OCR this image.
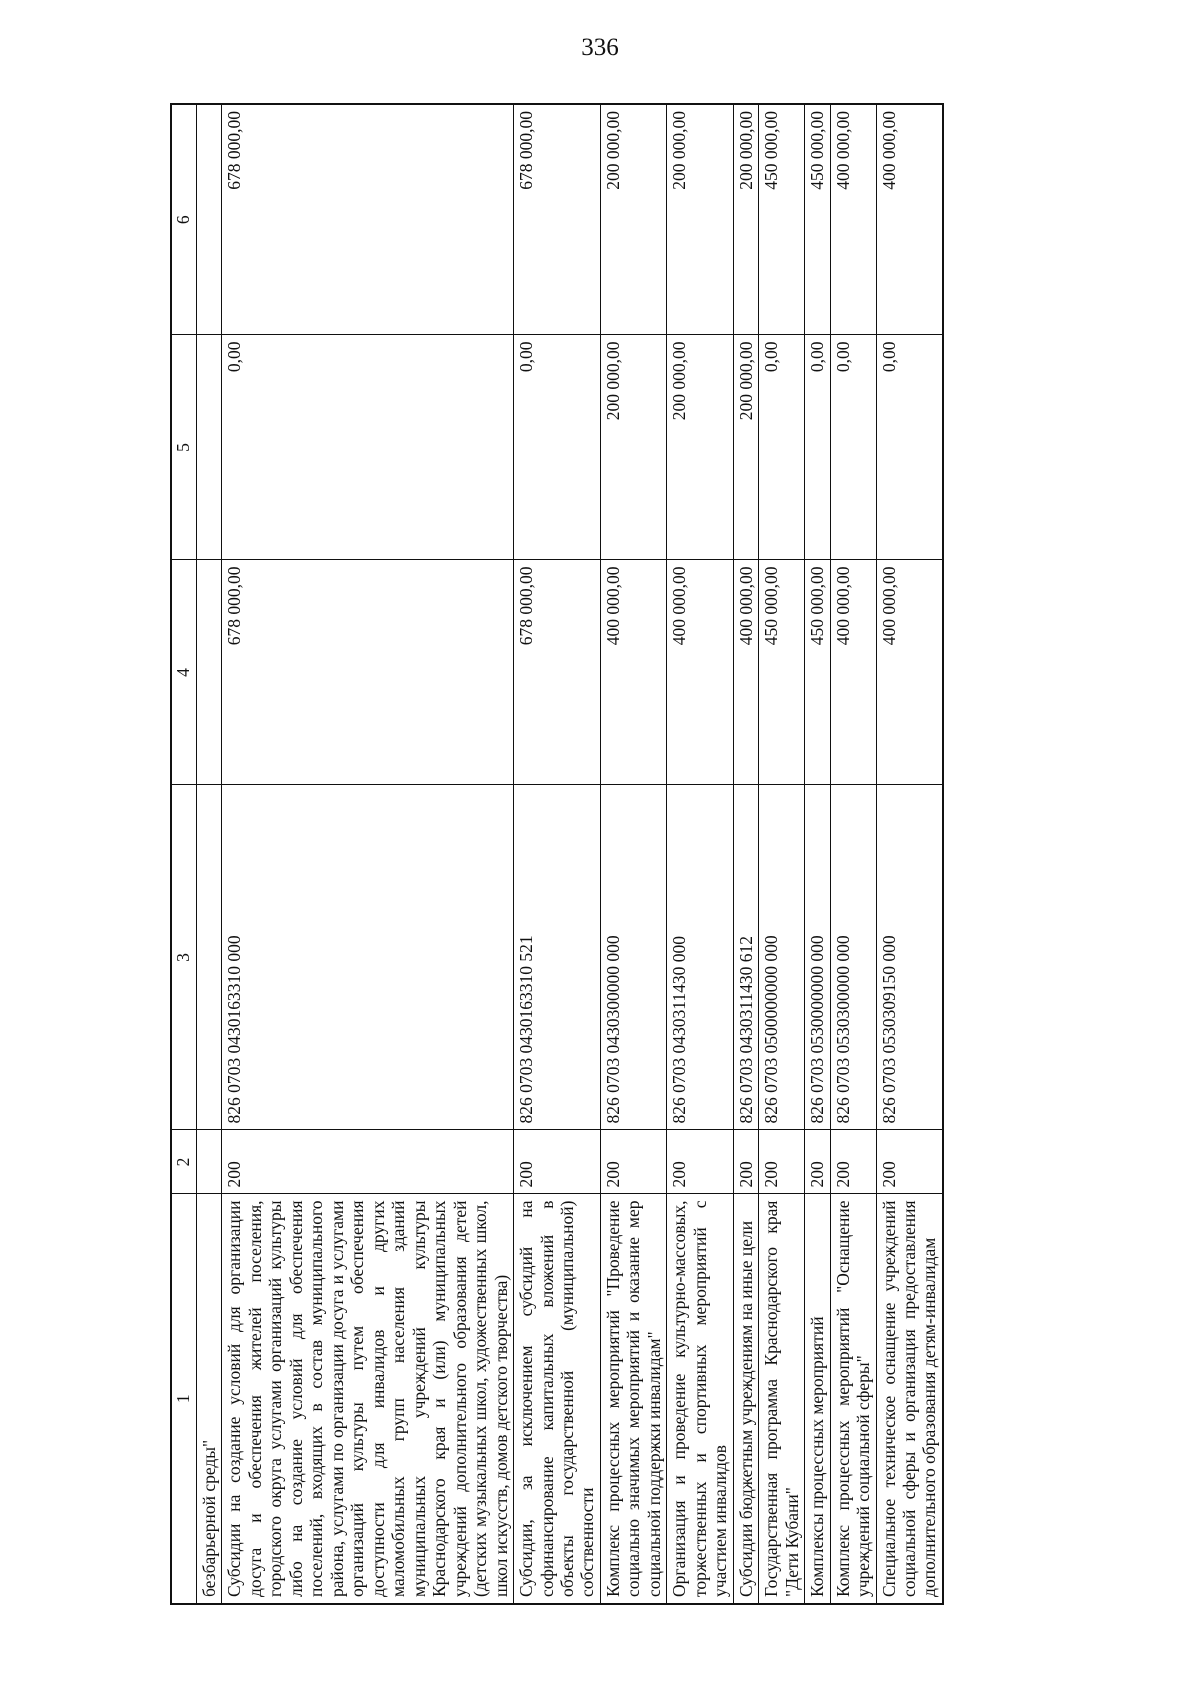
336
1	2	3	4	5	6
безбарьерной среды"					
Субсидии на создание условий для организации досуга и обеспечения жителей поселения, городского округа услугами организаций культуры либо на создание условий для обеспечения поселений, входящих в состав муниципального района, услугами по организации досуга и услугами организаций культуры путем обеспечения доступности для инвалидов и других маломобильных групп населения зданий муниципальных учреждений культуры Краснодарского края и (или) муниципальных учреждений дополнительного образования детей (детских музыкальных школ, художественных школ, школ искусств, домов детского творчества)	200	826 0703 0430163310 000	678 000,00	0,00	678 000,00
Субсидии, за исключением субсидий на софинансирование капитальных вложений в объекты государственной (муниципальной) собственности	200	826 0703 0430163310 521	678 000,00	0,00	678 000,00
Комплекс процессных мероприятий "Проведение социально значимых мероприятий и оказание мер социальной поддержки инвалидам"	200	826 0703 0430300000 000	400 000,00	200 000,00	200 000,00
Организация и проведение культурно-массовых, торжественных и спортивных мероприятий с участием инвалидов	200	826 0703 0430311430 000	400 000,00	200 000,00	200 000,00
Субсидии бюджетным учреждениям на иные цели	200	826 0703 0430311430 612	400 000,00	200 000,00	200 000,00
Государственная программа Краснодарского края "Дети Кубани"	200	826 0703 0500000000 000	450 000,00	0,00	450 000,00
Комплексы процессных мероприятий	200	826 0703 0530000000 000	450 000,00	0,00	450 000,00
Комплекс процессных мероприятий "Оснащение учреждений социальной сферы"	200	826 0703 0530300000 000	400 000,00	0,00	400 000,00
Специальное техническое оснащение учреждений социальной сферы и организация предоставления дополнительного образования детям-инвалидам	200	826 0703 0530309150 000	400 000,00	0,00	400 000,00
